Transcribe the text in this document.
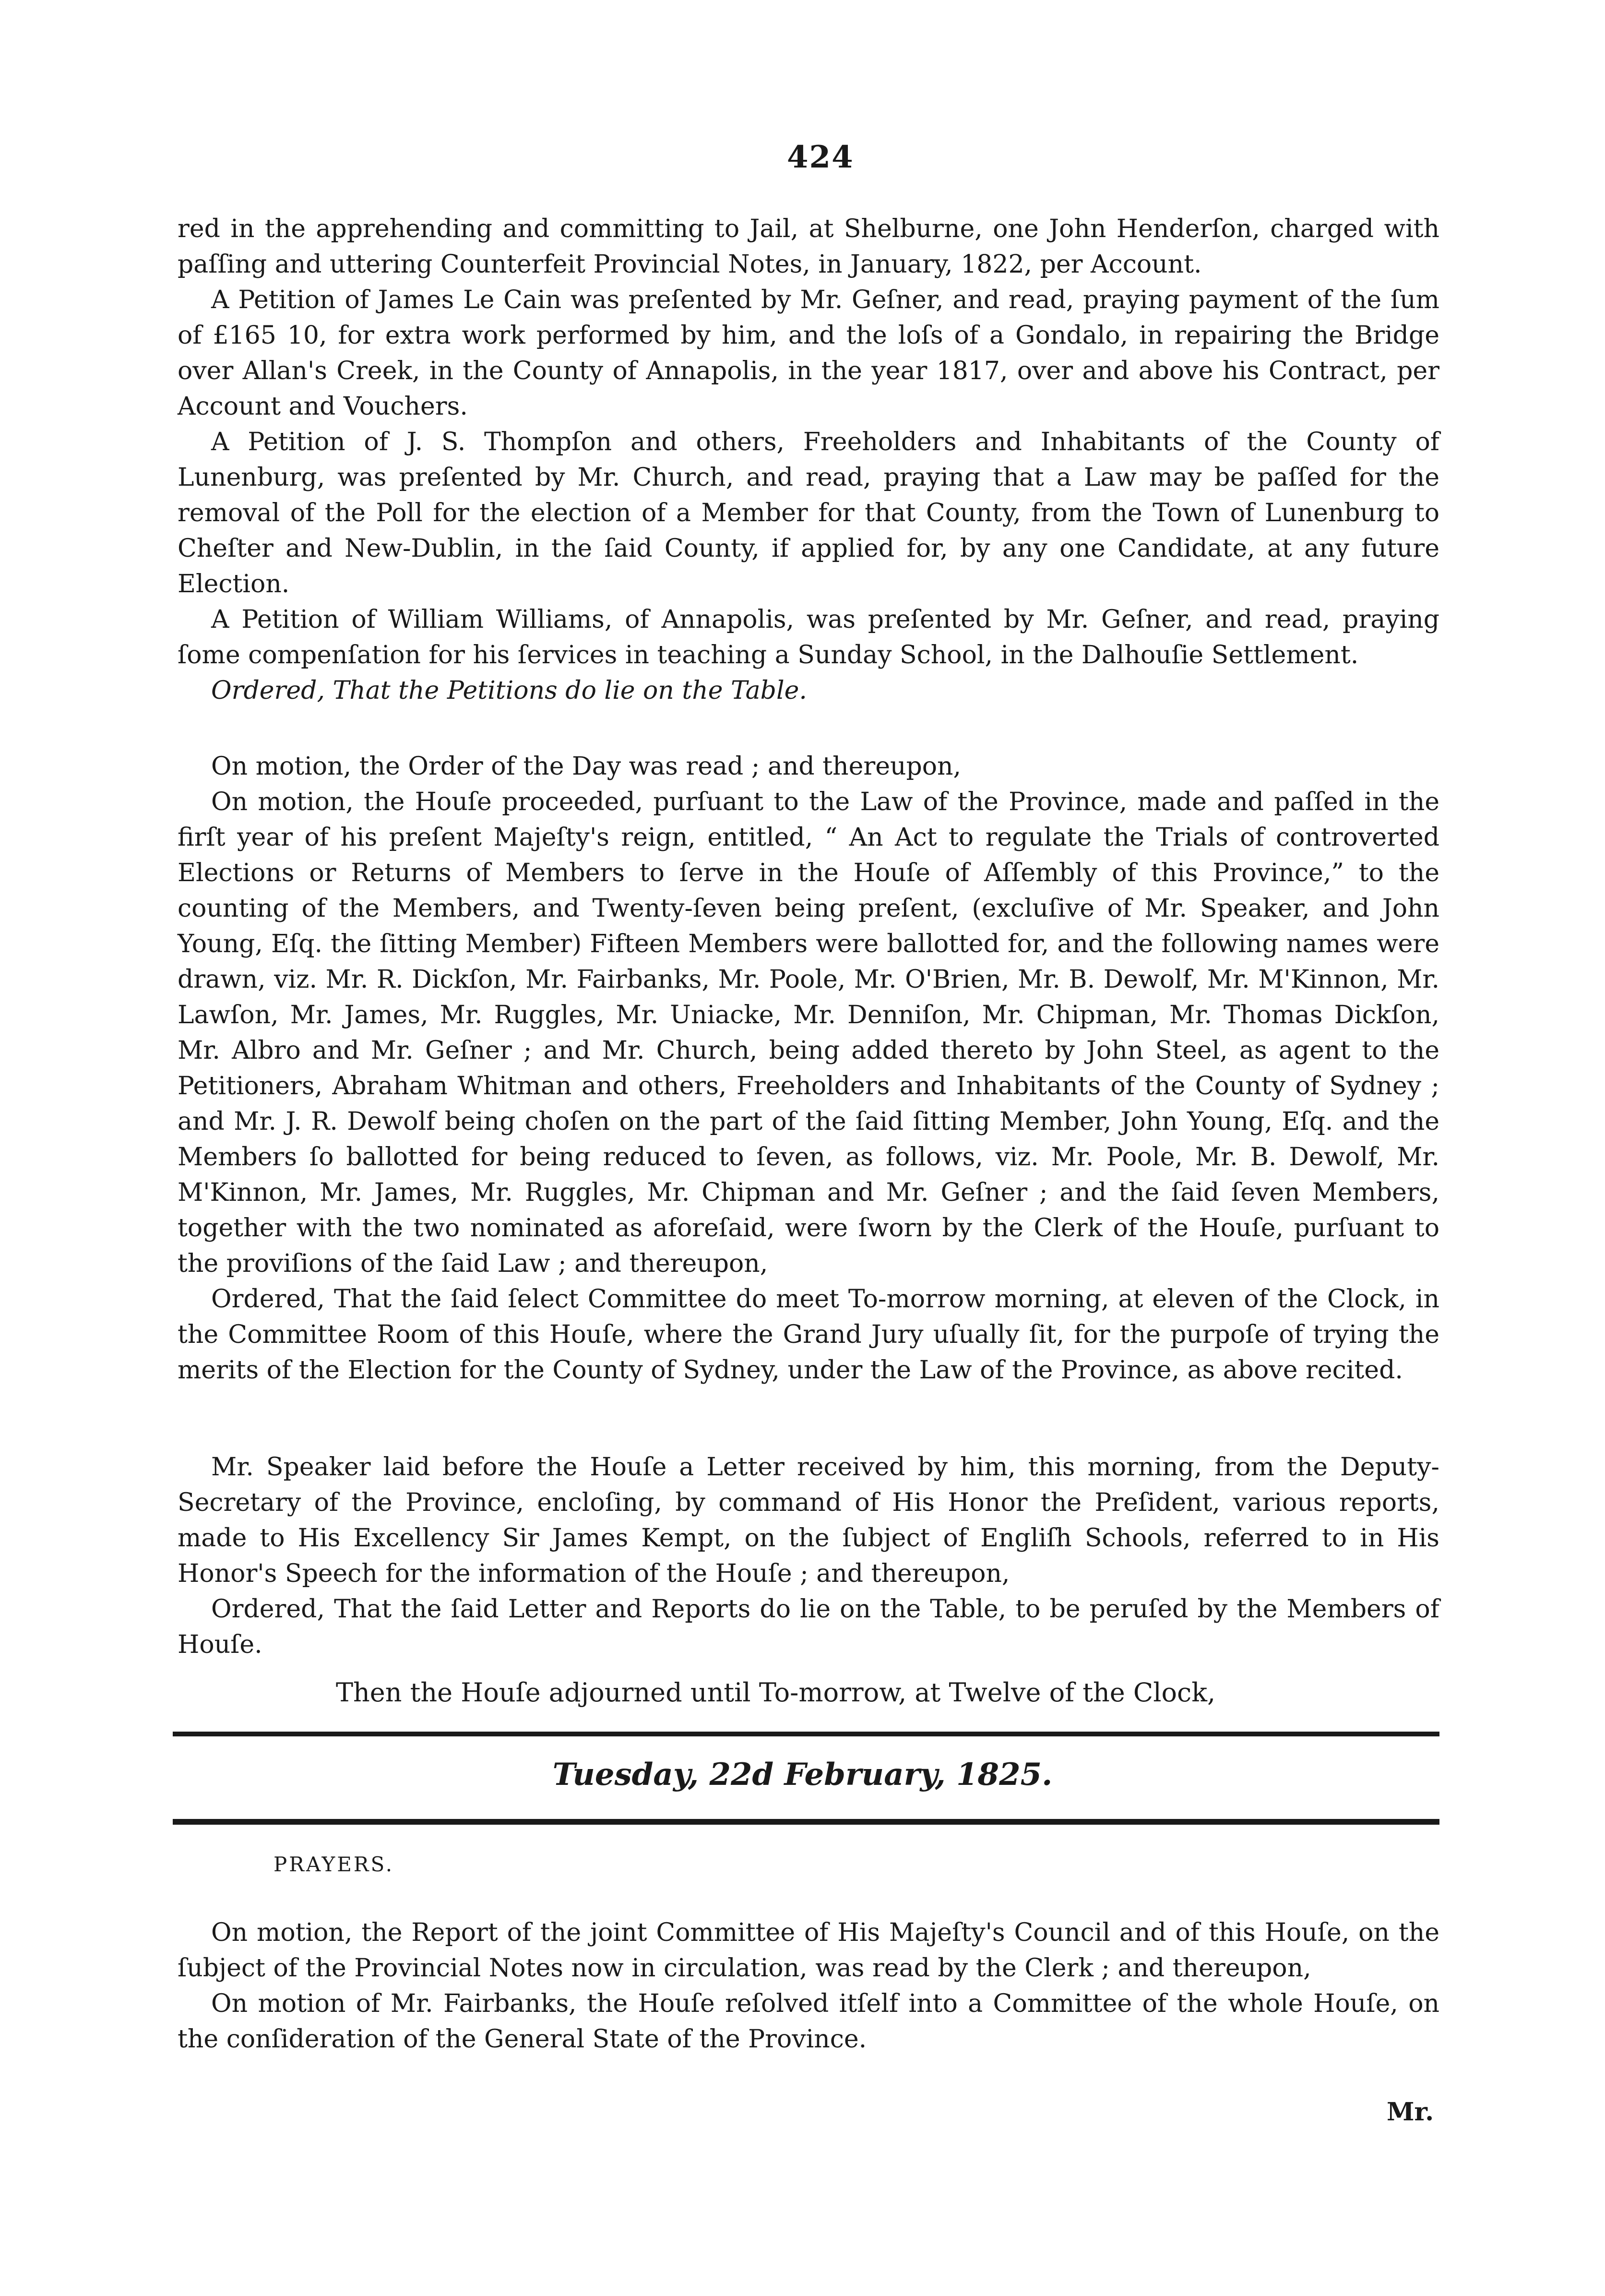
424

red in the apprehending and committing to Jail, at Shelburne, one John Henderſon, charged with paſſing and uttering Counterfeit Provincial Notes, in January, 1822, per Account.

A Petition of James Le Cain was preſented by Mr. Geſner, and read, praying payment of the ſum of £165 10, for extra work performed by him, and the loſs of a Gondalo, in repairing the Bridge over Allan's Creek, in the County of Annapolis, in the year 1817, over and above his Contract, per Account and Vouchers.

A Petition of J. S. Thompſon and others, Freeholders and Inhabitants of the County of Lunenburg, was preſented by Mr. Church, and read, praying that a Law may be paſſed for the removal of the Poll for the election of a Member for that County, from the Town of Lunenburg to Cheſter and New-Dublin, in the ſaid County, if applied for, by any one Candidate, at any future Election.

A Petition of William Williams, of Annapolis, was preſented by Mr. Geſner, and read, praying ſome compenſation for his ſervices in teaching a Sunday School, in the Dalhouſie Settlement.

Ordered, That the Petitions do lie on the Table.

On motion, the Order of the Day was read ; and thereupon,

On motion, the Houſe proceeded, purſuant to the Law of the Province, made and paſſed in the firſt year of his preſent Majeſty's reign, entitled, “ An Act to regulate the Trials of controverted Elections or Returns of Members to ſerve in the Houſe of Aſſembly of this Province,” to the counting of the Members, and Twenty-ſeven being preſent, (excluſive of Mr. Speaker, and John Young, Eſq. the ſitting Member) Fifteen Members were ballotted for, and the following names were drawn, viz. Mr. R. Dickſon, Mr. Fairbanks, Mr. Poole, Mr. O'Brien, Mr. B. Dewolf, Mr. M'Kinnon, Mr. Lawſon, Mr. James, Mr. Ruggles, Mr. Uniacke, Mr. Denniſon, Mr. Chipman, Mr. Thomas Dickſon, Mr. Albro and Mr. Geſner ; and Mr. Church, being added thereto by John Steel, as agent to the Petitioners, Abraham Whitman and others, Freeholders and Inhabitants of the County of Sydney ; and Mr. J. R. Dewolf being choſen on the part of the ſaid ſitting Member, John Young, Eſq. and the Members ſo ballotted for being reduced to ſeven, as follows, viz. Mr. Poole, Mr. B. Dewolf, Mr. M'Kinnon, Mr. James, Mr. Ruggles, Mr. Chipman and Mr. Geſner ; and the ſaid ſeven Members, together with the two nominated as aforeſaid, were ſworn by the Clerk of the Houſe, purſuant to the proviſions of the ſaid Law ; and thereupon,

Ordered, That the ſaid ſelect Committee do meet To-morrow morning, at eleven of the Clock, in the Committee Room of this Houſe, where the Grand Jury uſually ſit, for the purpoſe of trying the merits of the Election for the County of Sydney, under the Law of the Province, as above recited.

Mr. Speaker laid before the Houſe a Letter received by him, this morning, from the Deputy-Secretary of the Province, encloſing, by command of His Honor the Preſident, various reports, made to His Excellency Sir James Kempt, on the ſubject of Engliſh Schools, referred to in His Honor's Speech for the information of the Houſe ; and thereupon,

Ordered, That the ſaid Letter and Reports do lie on the Table, to be peruſed by the Members of Houſe.

Then the Houſe adjourned until To-morrow, at Twelve of the Clock,
Tuesday, 22d February, 1825.
PRAYERS.

On motion, the Report of the joint Committee of His Majeſty's Council and of this Houſe, on the ſubject of the Provincial Notes now in circulation, was read by the Clerk ; and thereupon,

On motion of Mr. Fairbanks, the Houſe reſolved itſelf into a Committee of the whole Houſe, on the conſideration of the General State of the Province.

Mr.
